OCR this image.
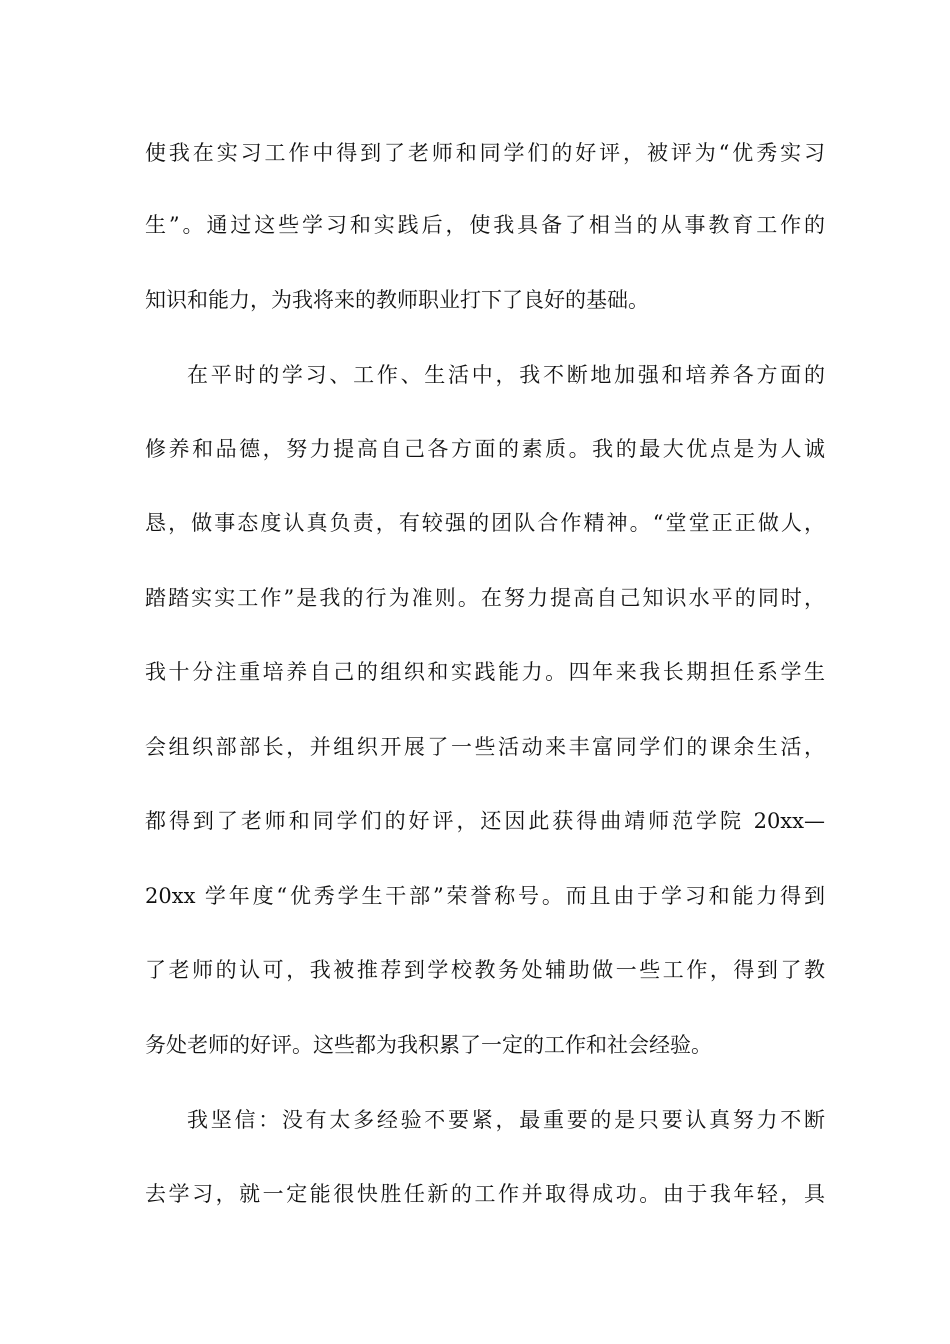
使我在实习工作中得到了老师和同学们的好评，被评为“优秀实习
生”。通过这些学习和实践后，使我具备了相当的从事教育工作的
知识和能力，为我将来的教师职业打下了良好的基础。
在平时的学习、工作、生活中，我不断地加强和培养各方面的
修养和品德，努力提高自己各方面的素质。我的最大优点是为人诚
恳，做事态度认真负责，有较强的团队合作精神。“堂堂正正做人，
踏踏实实工作”是我的行为准则。在努力提高自己知识水平的同时，
我十分注重培养自己的组织和实践能力。四年来我长期担任系学生
会组织部部长，并组织开展了一些活动来丰富同学们的课余生活，
都得到了老师和同学们的好评，还因此获得曲靖师范学院 20xx—
20xx 学年度“优秀学生干部”荣誉称号。而且由于学习和能力得到
了老师的认可，我被推荐到学校教务处辅助做一些工作，得到了教
务处老师的好评。这些都为我积累了一定的工作和社会经验。
我坚信：没有太多经验不要紧，最重要的是只要认真努力不断
去学习，就一定能很快胜任新的工作并取得成功。由于我年轻，具
